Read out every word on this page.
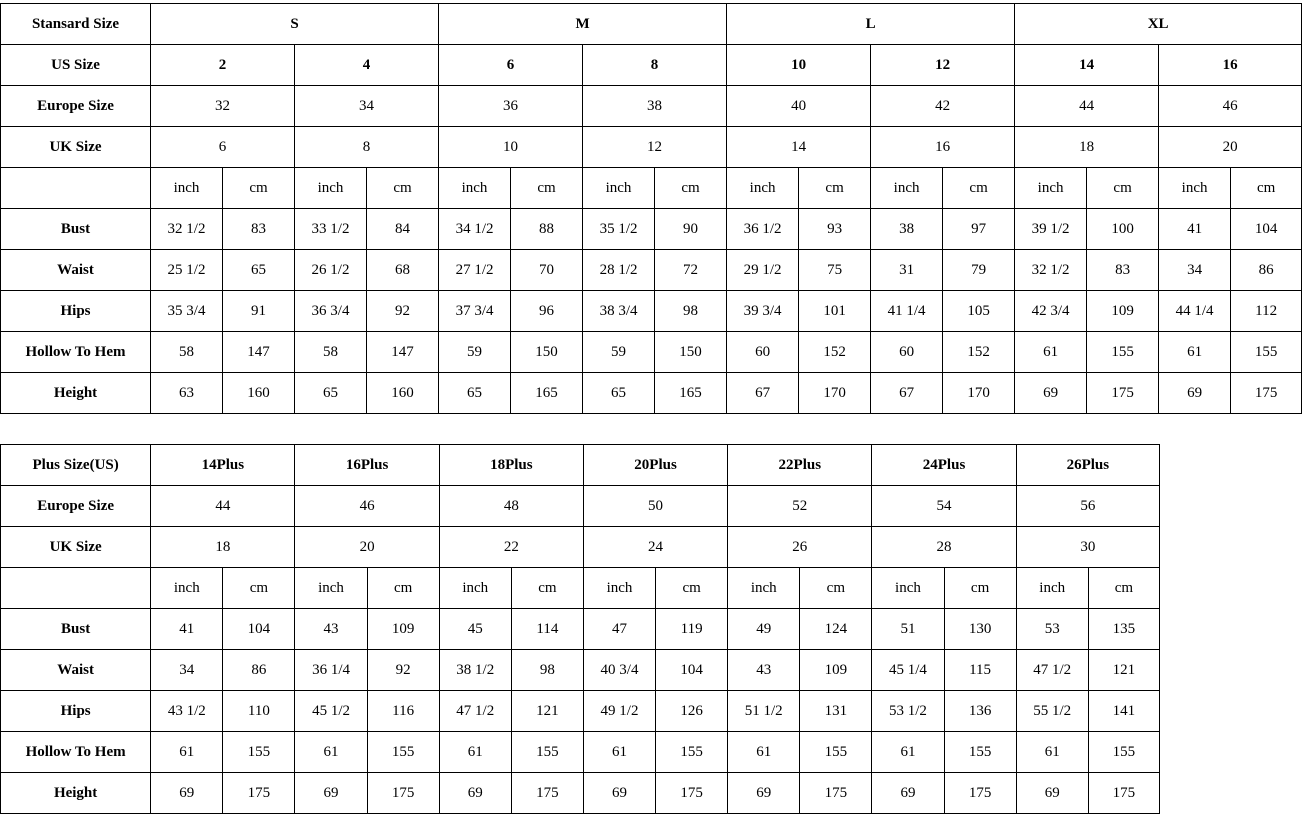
Stansard Size	S				M				L				XL			
US Size	2		4		6		8		10		12		14		16	
Europe Size	32		34		36		38		40		42		44		46	
UK Size	6		8		10		12		14		16		18		20	
	inch	cm	inch	cm	inch	cm	inch	cm	inch	cm	inch	cm	inch	cm	inch	cm
Bust	32 1/2	83	33 1/2	84	34 1/2	88	35 1/2	90	36 1/2	93	38	97	39 1/2	100	41	104
Waist	25 1/2	65	26 1/2	68	27 1/2	70	28 1/2	72	29 1/2	75	31	79	32 1/2	83	34	86
Hips	35 3/4	91	36 3/4	92	37 3/4	96	38 3/4	98	39 3/4	101	41 1/4	105	42 3/4	109	44 1/4	112
Hollow To Hem	58	147	58	147	59	150	59	150	60	152	60	152	61	155	61	155
Height	63	160	65	160	65	165	65	165	67	170	67	170	69	175	69	175
Plus Size(US)	14Plus		16Plus		18Plus		20Plus		22Plus		24Plus		26Plus	
Europe Size	44		46		48		50		52		54		56	
UK Size	18		20		22		24		26		28		30	
	inch	cm	inch	cm	inch	cm	inch	cm	inch	cm	inch	cm	inch	cm
Bust	41	104	43	109	45	114	47	119	49	124	51	130	53	135
Waist	34	86	36 1/4	92	38 1/2	98	40 3/4	104	43	109	45 1/4	115	47 1/2	121
Hips	43 1/2	110	45 1/2	116	47 1/2	121	49 1/2	126	51 1/2	131	53 1/2	136	55 1/2	141
Hollow To Hem	61	155	61	155	61	155	61	155	61	155	61	155	61	155
Height	69	175	69	175	69	175	69	175	69	175	69	175	69	175
